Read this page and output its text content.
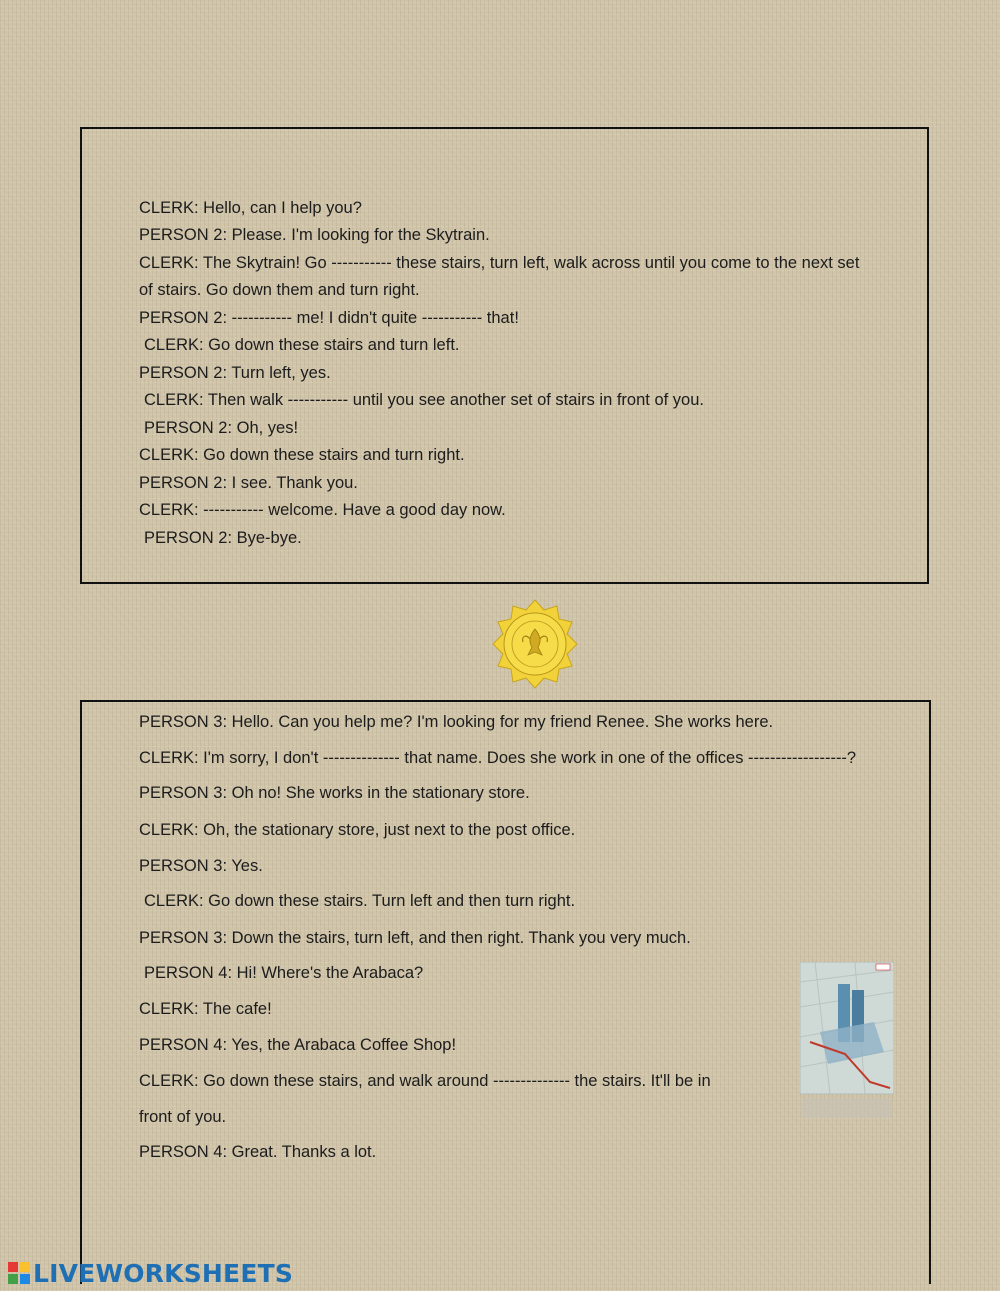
CLERK: Hello, can I help you?
PERSON 2: Please. I'm looking for the Skytrain.
CLERK: The Skytrain! Go ----------- these stairs, turn left, walk across until you come to the next set
of stairs. Go down them and turn right.
PERSON 2: ----------- me! I didn't quite ----------- that!
CLERK: Go down these stairs and turn left.
PERSON 2: Turn left, yes.
CLERK: Then walk ----------- until you see another set of stairs in front of you.
PERSON 2: Oh, yes!
CLERK: Go down these stairs and turn right.
PERSON 2: I see. Thank you.
CLERK: ----------- welcome. Have a good day now.
PERSON 2: Bye-bye.
PERSON 3: Hello. Can you help me? I'm looking for my friend Renee. She works here.
CLERK: I'm sorry, I don't -------------- that name. Does she work in one of the offices ------------------?
PERSON 3: Oh no! She works in the stationary store.
CLERK: Oh, the stationary store, just next to the post office.
PERSON 3: Yes.
CLERK: Go down these stairs. Turn left and then turn right.
PERSON 3: Down the stairs, turn left, and then right. Thank you very much.
PERSON 4: Hi! Where's the Arabaca?
CLERK: The cafe!
PERSON 4: Yes, the Arabaca Coffee Shop!
CLERK: Go down these stairs, and walk around -------------- the stairs. It'll be in
front of you.
PERSON 4: Great. Thanks a lot.
LIVEWORKSHEETS
